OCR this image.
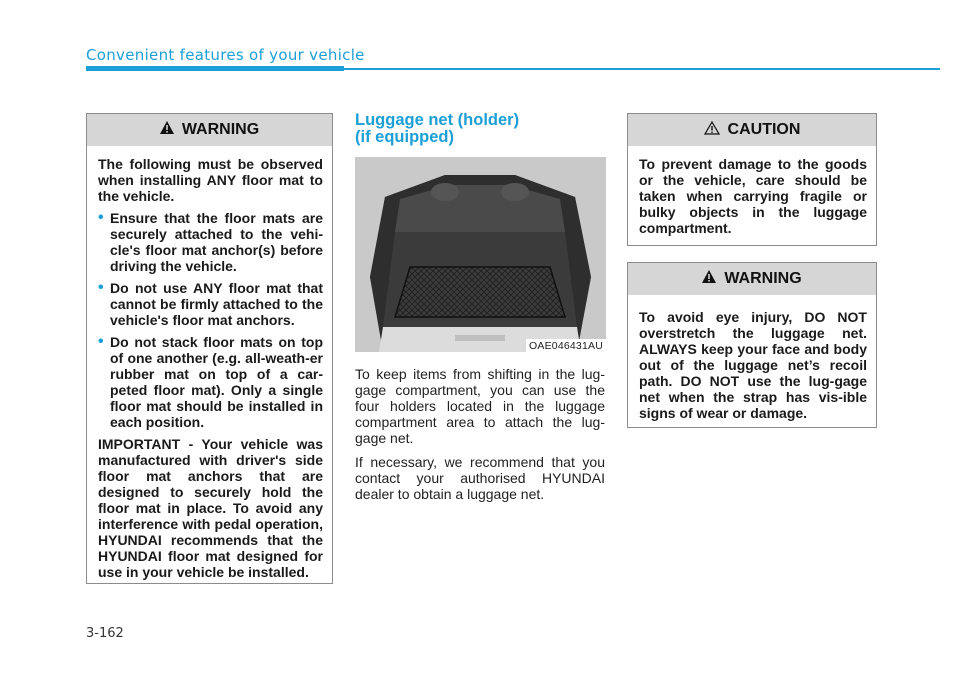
Convenient features of your vehicle
WARNING

The following must be observed when installing ANY floor mat to the vehicle.

• Ensure that the floor mats are securely attached to the vehi-cle's floor mat anchor(s) before driving the vehicle.
• Do not use ANY floor mat that cannot be firmly attached to the vehicle's floor mat anchors.
• Do not stack floor mats on top of one another (e.g. all-weath-er rubber mat on top of a car-peted floor mat). Only a single floor mat should be installed in each position.

IMPORTANT - Your vehicle was manufactured with driver's side floor mat anchors that are designed to securely hold the floor mat in place. To avoid any interference with pedal operation, HYUNDAI recommends that the HYUNDAI floor mat designed for use in your vehicle be installed.

Luggage net (holder)
(if equipped)
OAE046431AU

To keep items from shifting in the lug-gage compartment, you can use the four holders located in the luggage compartment area to attach the lug-gage net.

If necessary, we recommend that you contact your authorised HYUNDAI dealer to obtain a luggage net.

CAUTION

To prevent damage to the goods or the vehicle, care should be taken when carrying fragile or bulky objects in the luggage compartment.

WARNING

To avoid eye injury, DO NOT overstretch the luggage net. ALWAYS keep your face and body out of the luggage net’s recoil path. DO NOT use the lug-gage net when the strap has vis-ible signs of wear or damage.

3-162
